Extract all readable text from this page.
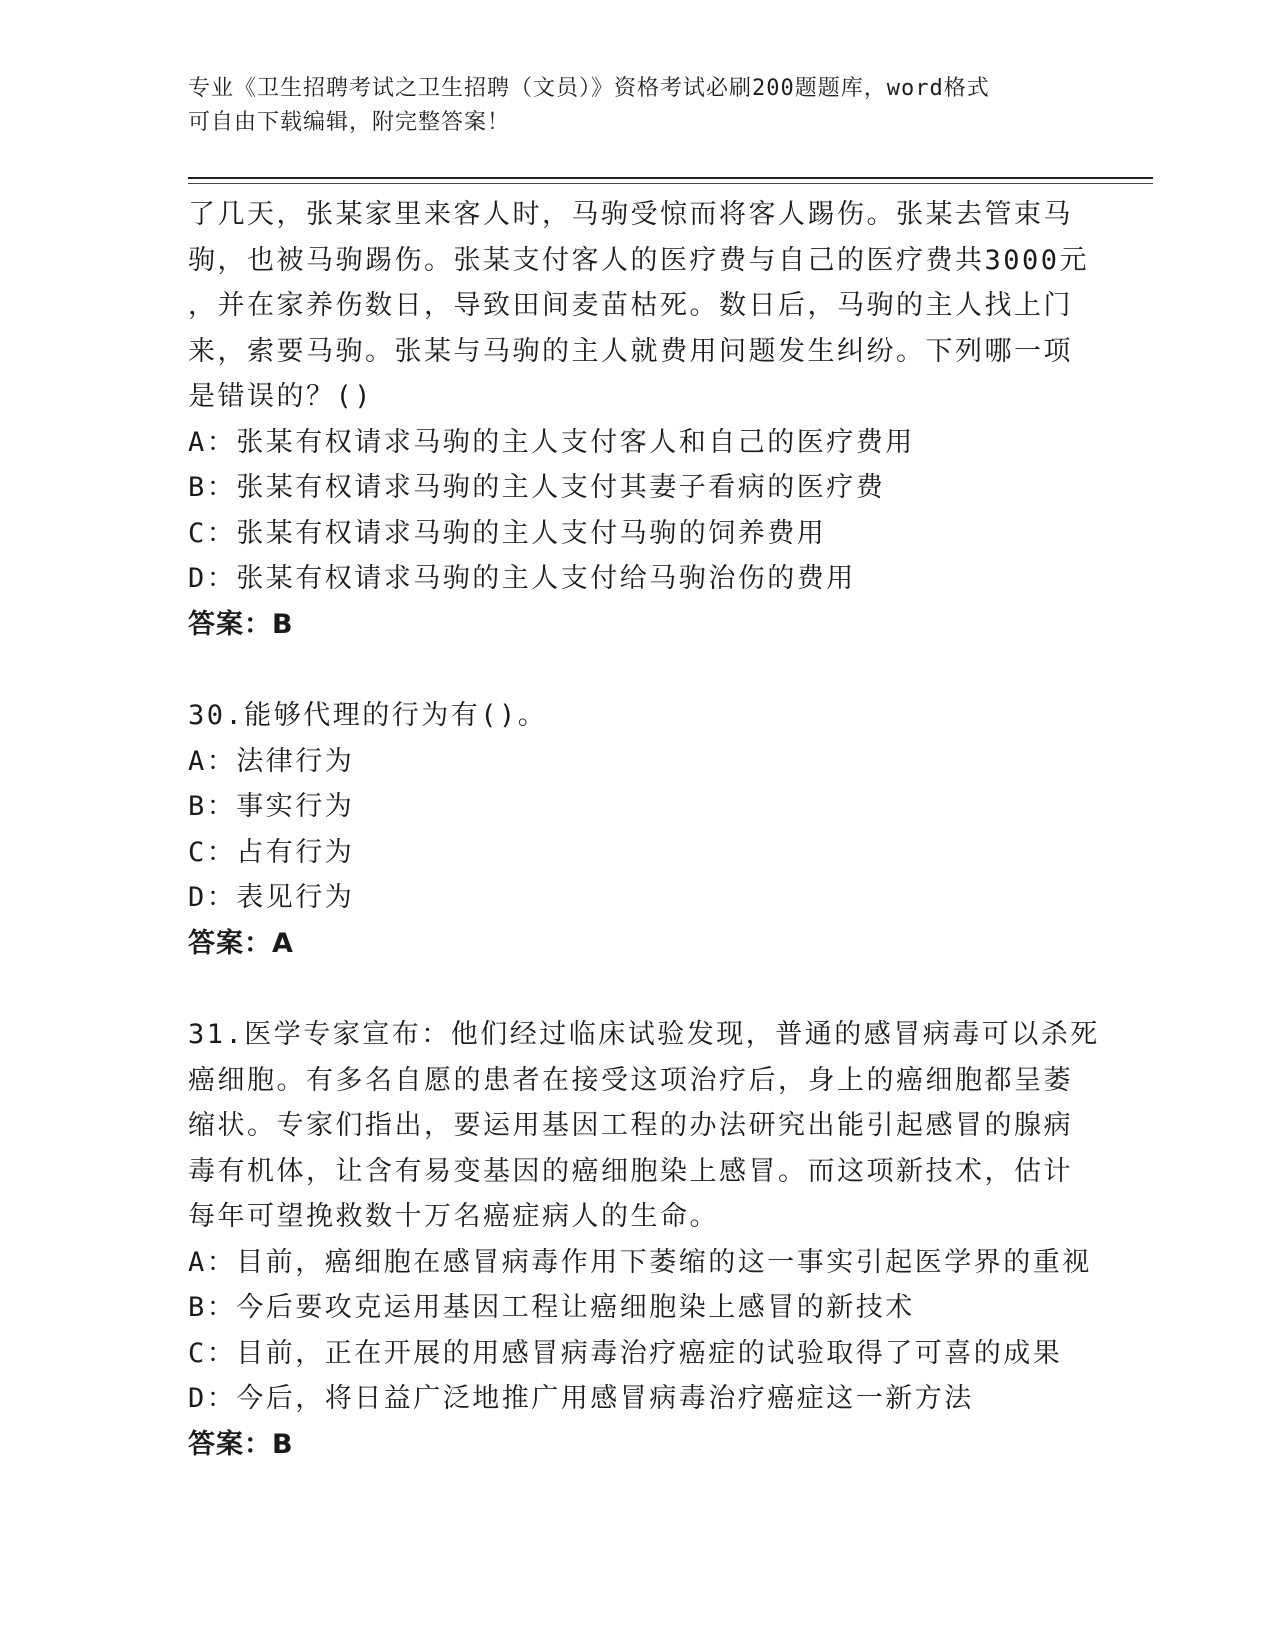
专业《卫生招聘考试之卫生招聘（文员）》资格考试必刷200题题库，word格式
可自由下载编辑，附完整答案！
了几天，张某家里来客人时，马驹受惊而将客人踢伤。张某去管束马
驹，也被马驹踢伤。张某支付客人的医疗费与自己的医疗费共3000元
，并在家养伤数日，导致田间麦苗枯死。数日后，马驹的主人找上门
来，索要马驹。张某与马驹的主人就费用问题发生纠纷。下列哪一项
是错误的？()
A：张某有权请求马驹的主人支付客人和自己的医疗费用
B：张某有权请求马驹的主人支付其妻子看病的医疗费
C：张某有权请求马驹的主人支付马驹的饲养费用
D：张某有权请求马驹的主人支付给马驹治伤的费用
答案：B
30.能够代理的行为有()。
A：法律行为
B：事实行为
C：占有行为
D：表见行为
答案：A
31.医学专家宣布：他们经过临床试验发现，普通的感冒病毒可以杀死
癌细胞。有多名自愿的患者在接受这项治疗后，身上的癌细胞都呈萎
缩状。专家们指出，要运用基因工程的办法研究出能引起感冒的腺病
毒有机体，让含有易变基因的癌细胞染上感冒。而这项新技术，估计
每年可望挽救数十万名癌症病人的生命。
A：目前，癌细胞在感冒病毒作用下萎缩的这一事实引起医学界的重视
B：今后要攻克运用基因工程让癌细胞染上感冒的新技术
C：目前，正在开展的用感冒病毒治疗癌症的试验取得了可喜的成果
D：今后，将日益广泛地推广用感冒病毒治疗癌症这一新方法
答案：B
